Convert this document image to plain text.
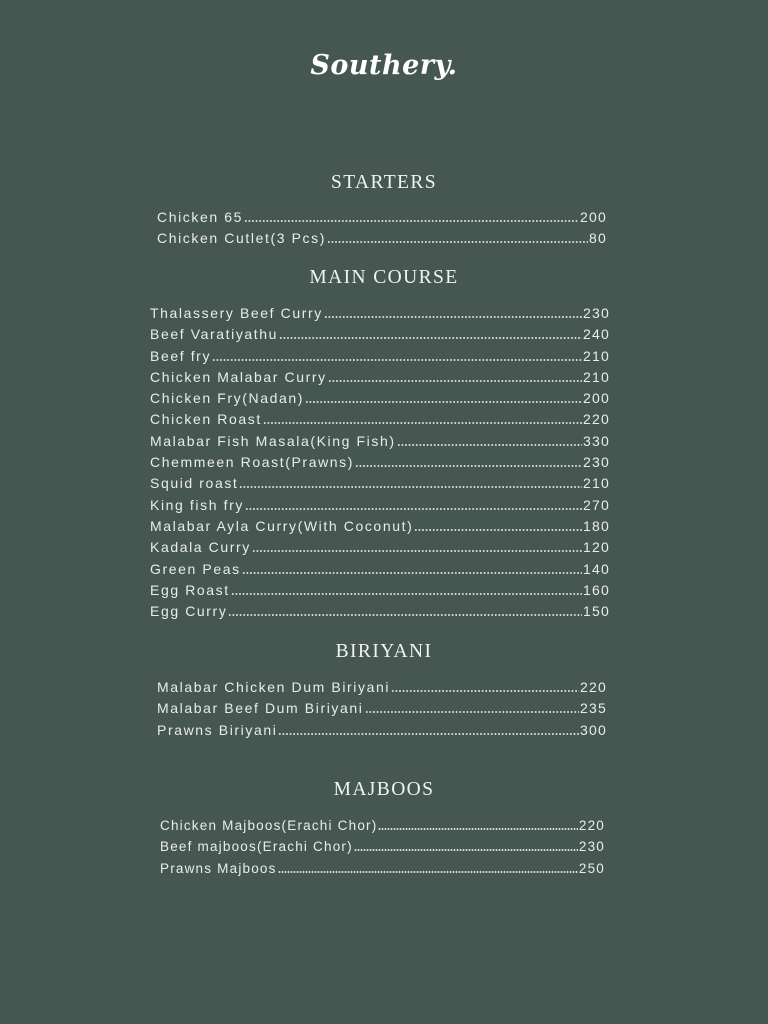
Southery.
STARTERS
Chicken 65	200
Chicken Cutlet(3 Pcs)	80
MAIN COURSE
Thalassery Beef Curry	230
Beef Varatiyathu	240
Beef fry	210
Chicken Malabar Curry	210
Chicken Fry(Nadan)	200
Chicken Roast	220
Malabar Fish Masala(King Fish)	330
Chemmeen Roast(Prawns)	230
Squid roast	210
King fish fry	270
Malabar Ayla Curry(With Coconut)	180
Kadala Curry	120
Green Peas	140
Egg Roast	160
Egg Curry	150
BIRIYANI
Malabar Chicken Dum Biriyani	220
Malabar Beef Dum Biriyani	235
Prawns Biriyani	300
MAJBOOS
Chicken Majboos(Erachi Chor)	220
Beef majboos(Erachi Chor)	230
Prawns Majboos	250
